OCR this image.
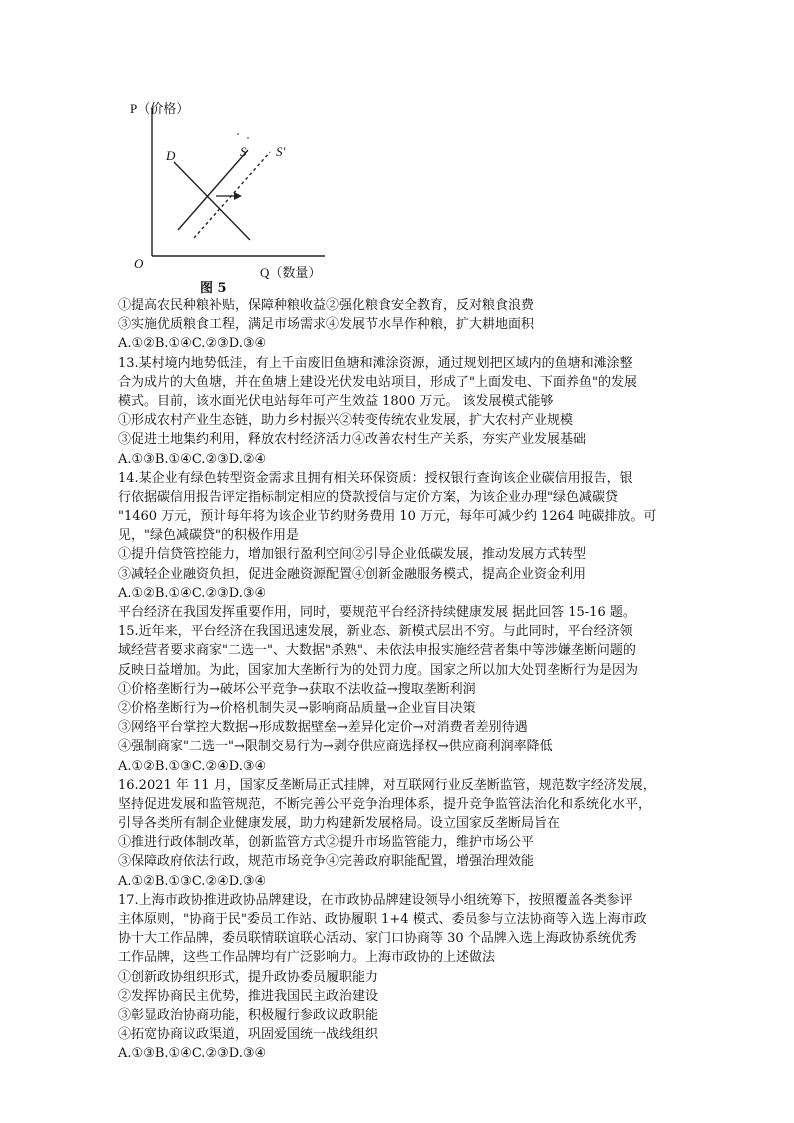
P（价格）
Q（数量）
O
D	S S'
图 5
①提高农民种粮补贴，保障种粮收益②强化粮食安全教育，反对粮食浪费
③实施优质粮食工程，满足市场需求④发展节水旱作种粮，扩大耕地面积
A.①②B.①④C.②③D.③④
13.某村境内地势低洼，有上千亩废旧鱼塘和滩涂资源，通过规划把区域内的鱼塘和滩涂整
合为成片的大鱼塘，并在鱼塘上建设光伏发电站项目，形成了"上面发电、下面养鱼"的发展
模式。目前，该水面光伏电站每年可产生效益 1800 万元。 该发展模式能够
①形成农村产业生态链，助力乡村振兴②转变传统农业发展，扩大农村产业规模
③促进土地集约利用，释放农村经济活力④改善农村生产关系，夯实产业发展基础
A.①③B.①④C.②③D.②④
14.某企业有绿色转型资金需求且拥有相关环保资质：授权银行查询该企业碳信用报告，银
行依据碳信用报告评定指标制定相应的贷款授信与定价方案，为该企业办理"绿色减碳贷
"1460 万元，预计每年将为该企业节约财务费用 10 万元，每年可减少约 1264 吨碳排放。可
见，"绿色减碳贷"的积极作用是
①提升信贷管控能力，增加银行盈利空间②引导企业低碳发展，推动发展方式转型
③减轻企业融资负担，促进金融资源配置④创新金融服务模式，提高企业资金利用
A.①②B.①④C.②③D.③④
平台经济在我国发挥重要作用，同时，要规范平台经济持续健康发展 据此回答 15-16 题。
15.近年来，平台经济在我国迅速发展，新业态、新模式层出不穷。与此同时，平台经济领
域经营者要求商家"二选一"、大数据"杀熟"、未依法申报实施经营者集中等涉嫌垄断问题的
反映日益增加。为此，国家加大垄断行为的处罚力度。国家之所以加大处罚垄断行为是因为
①价格垄断行为→破坏公平竞争→获取不法收益→搜取垄断利润
②价格垄断行为→价格机制失灵→影响商品质量→企业盲目决策
③网络平台掌控大数据→形成数据壁垒→差异化定价→对消费者差别待遇
④强制商家"二选一"→限制交易行为→剥夺供应商选择权→供应商利润率降低
A.①②B.①③C.②④D.③④
16.2021 年 11 月，国家反垄断局正式挂牌，对互联网行业反垄断监管，规范数字经济发展，
坚持促进发展和监管规范，不断完善公平竞争治理体系，提升竞争监管法治化和系统化水平，
引导各类所有制企业健康发展，助力构建新发展格局。设立国家反垄断局旨在
①推进行政体制改革，创新监管方式②提升市场监管能力，维护市场公平
③保障政府依法行政，规范市场竞争④完善政府职能配置，增强治理效能
A.①②B.①③C.②④D.③④
17.上海市政协推进政协品牌建设，在市政协品牌建设领导小组统筹下，按照覆盖各类参评
主体原则，"协商于民"委员工作站、政协履职 1+4 模式、委员参与立法协商等入选上海市政
协十大工作品牌，委员联情联谊联心活动、家门口协商等 30 个品牌入选上海政协系统优秀
工作品牌，这些工作品牌均有广泛影响力。上海市政协的上述做法
①创新政协组织形式，提升政协委员履职能力
②发挥协商民主优势，推进我国民主政治建设
③彰显政治协商功能，积极履行参政议政职能
④拓宽协商议政渠道，巩固爱国统一战线组织
A.①③B.①④C.②③D.③④
